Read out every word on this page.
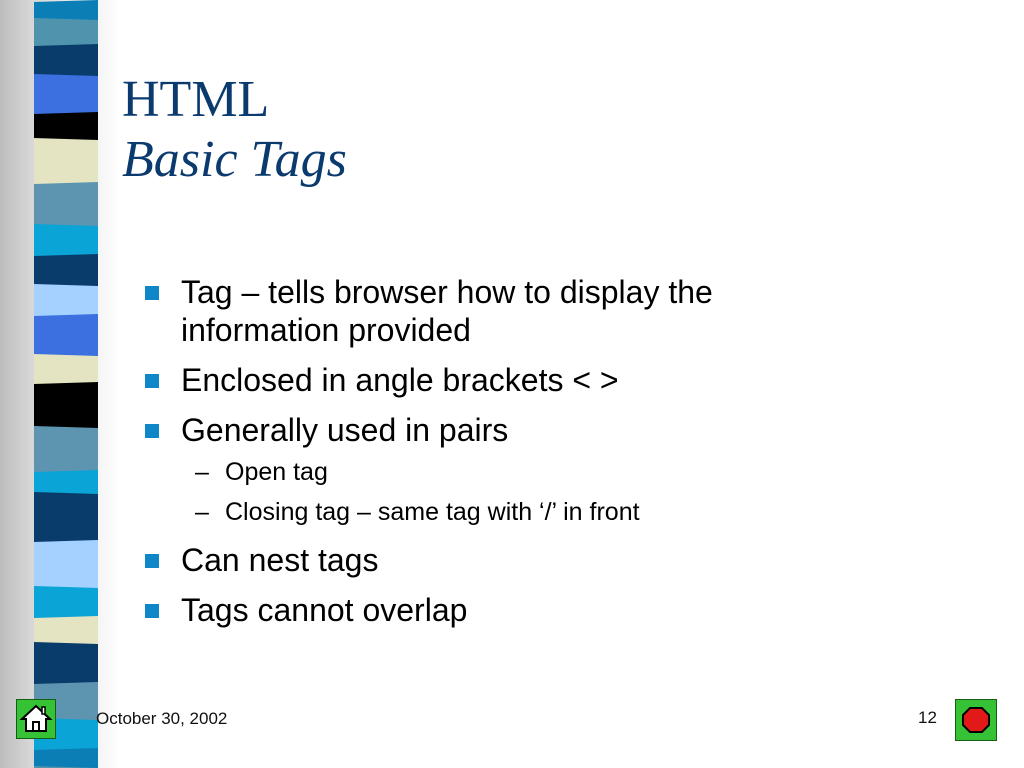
HTML
Basic Tags
Tag – tells browser how to display the information provided
Enclosed in angle brackets < >
Generally used in pairs
– Open tag
– Closing tag – same tag with ‘/’ in front
Can nest tags
Tags cannot overlap
October 30, 2002	12
